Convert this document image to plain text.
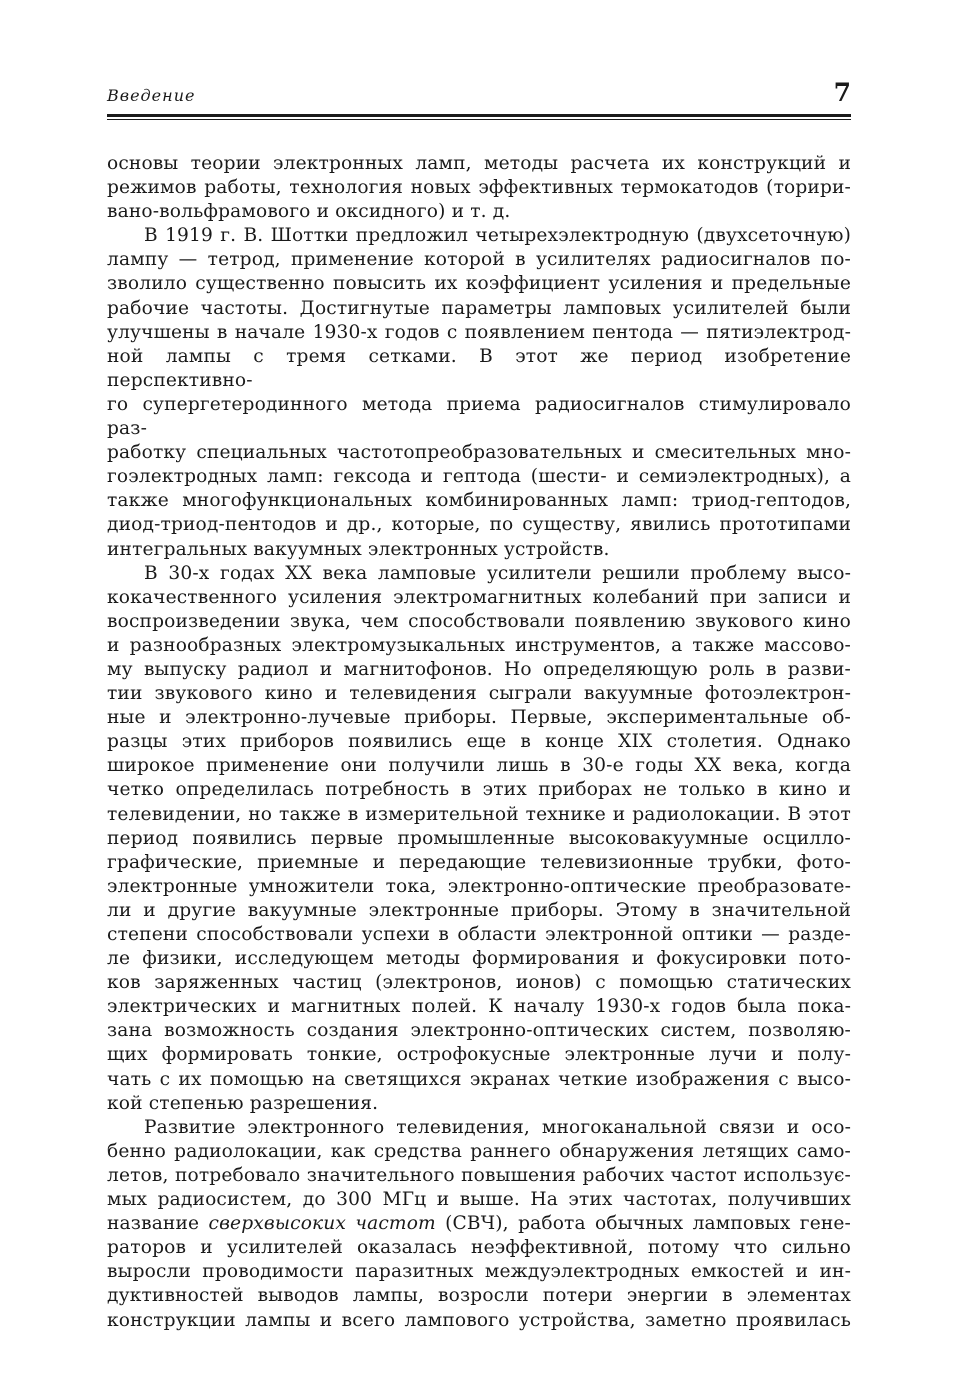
Введение	7

основы теории электронных ламп, методы расчета их конструкций и

режимов работы, технология новых эффективных термокатодов (торири-

вано-вольфрамового и оксидного) и т. д.

В 1919 г. В. Шоттки предложил четырехэлектродную (двухсеточную)

лампу — тетрод, применение которой в усилителях радиосигналов по-

зволило существенно повысить их коэффициент усиления и предельные

рабочие частоты. Достигнутые параметры ламповых усилителей были

улучшены в начале 1930-х годов с появлением пентода — пятиэлектрод-

ной лампы с тремя сетками. В этот же период изобретение перспективно-

го супергетеродинного метода приема радиосигналов стимулировало раз-

работку специальных частотопреобразовательных и смесительных мно-

гоэлектродных ламп: гексода и гептода (шести- и семиэлектродных), а

также многофункциональных комбинированных ламп: триод-гептодов,

диод-триод-пентодов и др., которые, по существу, явились прототипами

интегральных вакуумных электронных устройств.

В 30-х годах XX века ламповые усилители решили проблему высо-

кокачественного усиления электромагнитных колебаний при записи и

воспроизведении звука, чем способствовали появлению звукового кино

и разнообразных электромузыкальных инструментов, а также массово-

му выпуску радиол и магнитофонов. Но определяющую роль в разви-

тии звукового кино и телевидения сыграли вакуумные фотоэлектрон-

ные и электронно-лучевые приборы. Первые, экспериментальные об-

разцы этих приборов появились еще в конце XIX столетия. Однако

широкое применение они получили лишь в 30-е годы XX века, когда

четко определилась потребность в этих приборах не только в кино и

телевидении, но также в измерительной технике и радиолокации. В этот

период появились первые промышленные высоковакуумные осцилло-

графические, приемные и передающие телевизионные трубки, фото-

электронные умножители тока, электронно-оптические преобразовате-

ли и другие вакуумные электронные приборы. Этому в значительной

степени способствовали успехи в области электронной оптики — разде-

ле физики, исследующем методы формирования и фокусировки пото-

ков заряженных частиц (электронов, ионов) с помощью статических

электрических и магнитных полей. К началу 1930-х годов была пока-

зана возможность создания электронно-оптических систем, позволяю-

щих формировать тонкие, острофокусные электронные лучи и полу-

чать с их помощью на светящихся экранах четкие изображения с высо-

кой степенью разрешения.

Развитие электронного телевидения, многоканальной связи и осо-

бенно радиолокации, как средства раннего обнаружения летящих само-

летов, потребовало значительного повышения рабочих частот использує-

мых радиосистем, до 300 МГц и выше. На этих частотах, получивших

название сверхвысоких частот (СВЧ), работа обычных ламповых гене-

раторов и усилителей оказалась неэффективной, потому что сильно

выросли проводимости паразитных междуэлектродных емкостей и ин-

дуктивностей выводов лампы, возросли потери энергии в элементах

конструкции лампы и всего лампового устройства, заметно проявилась
